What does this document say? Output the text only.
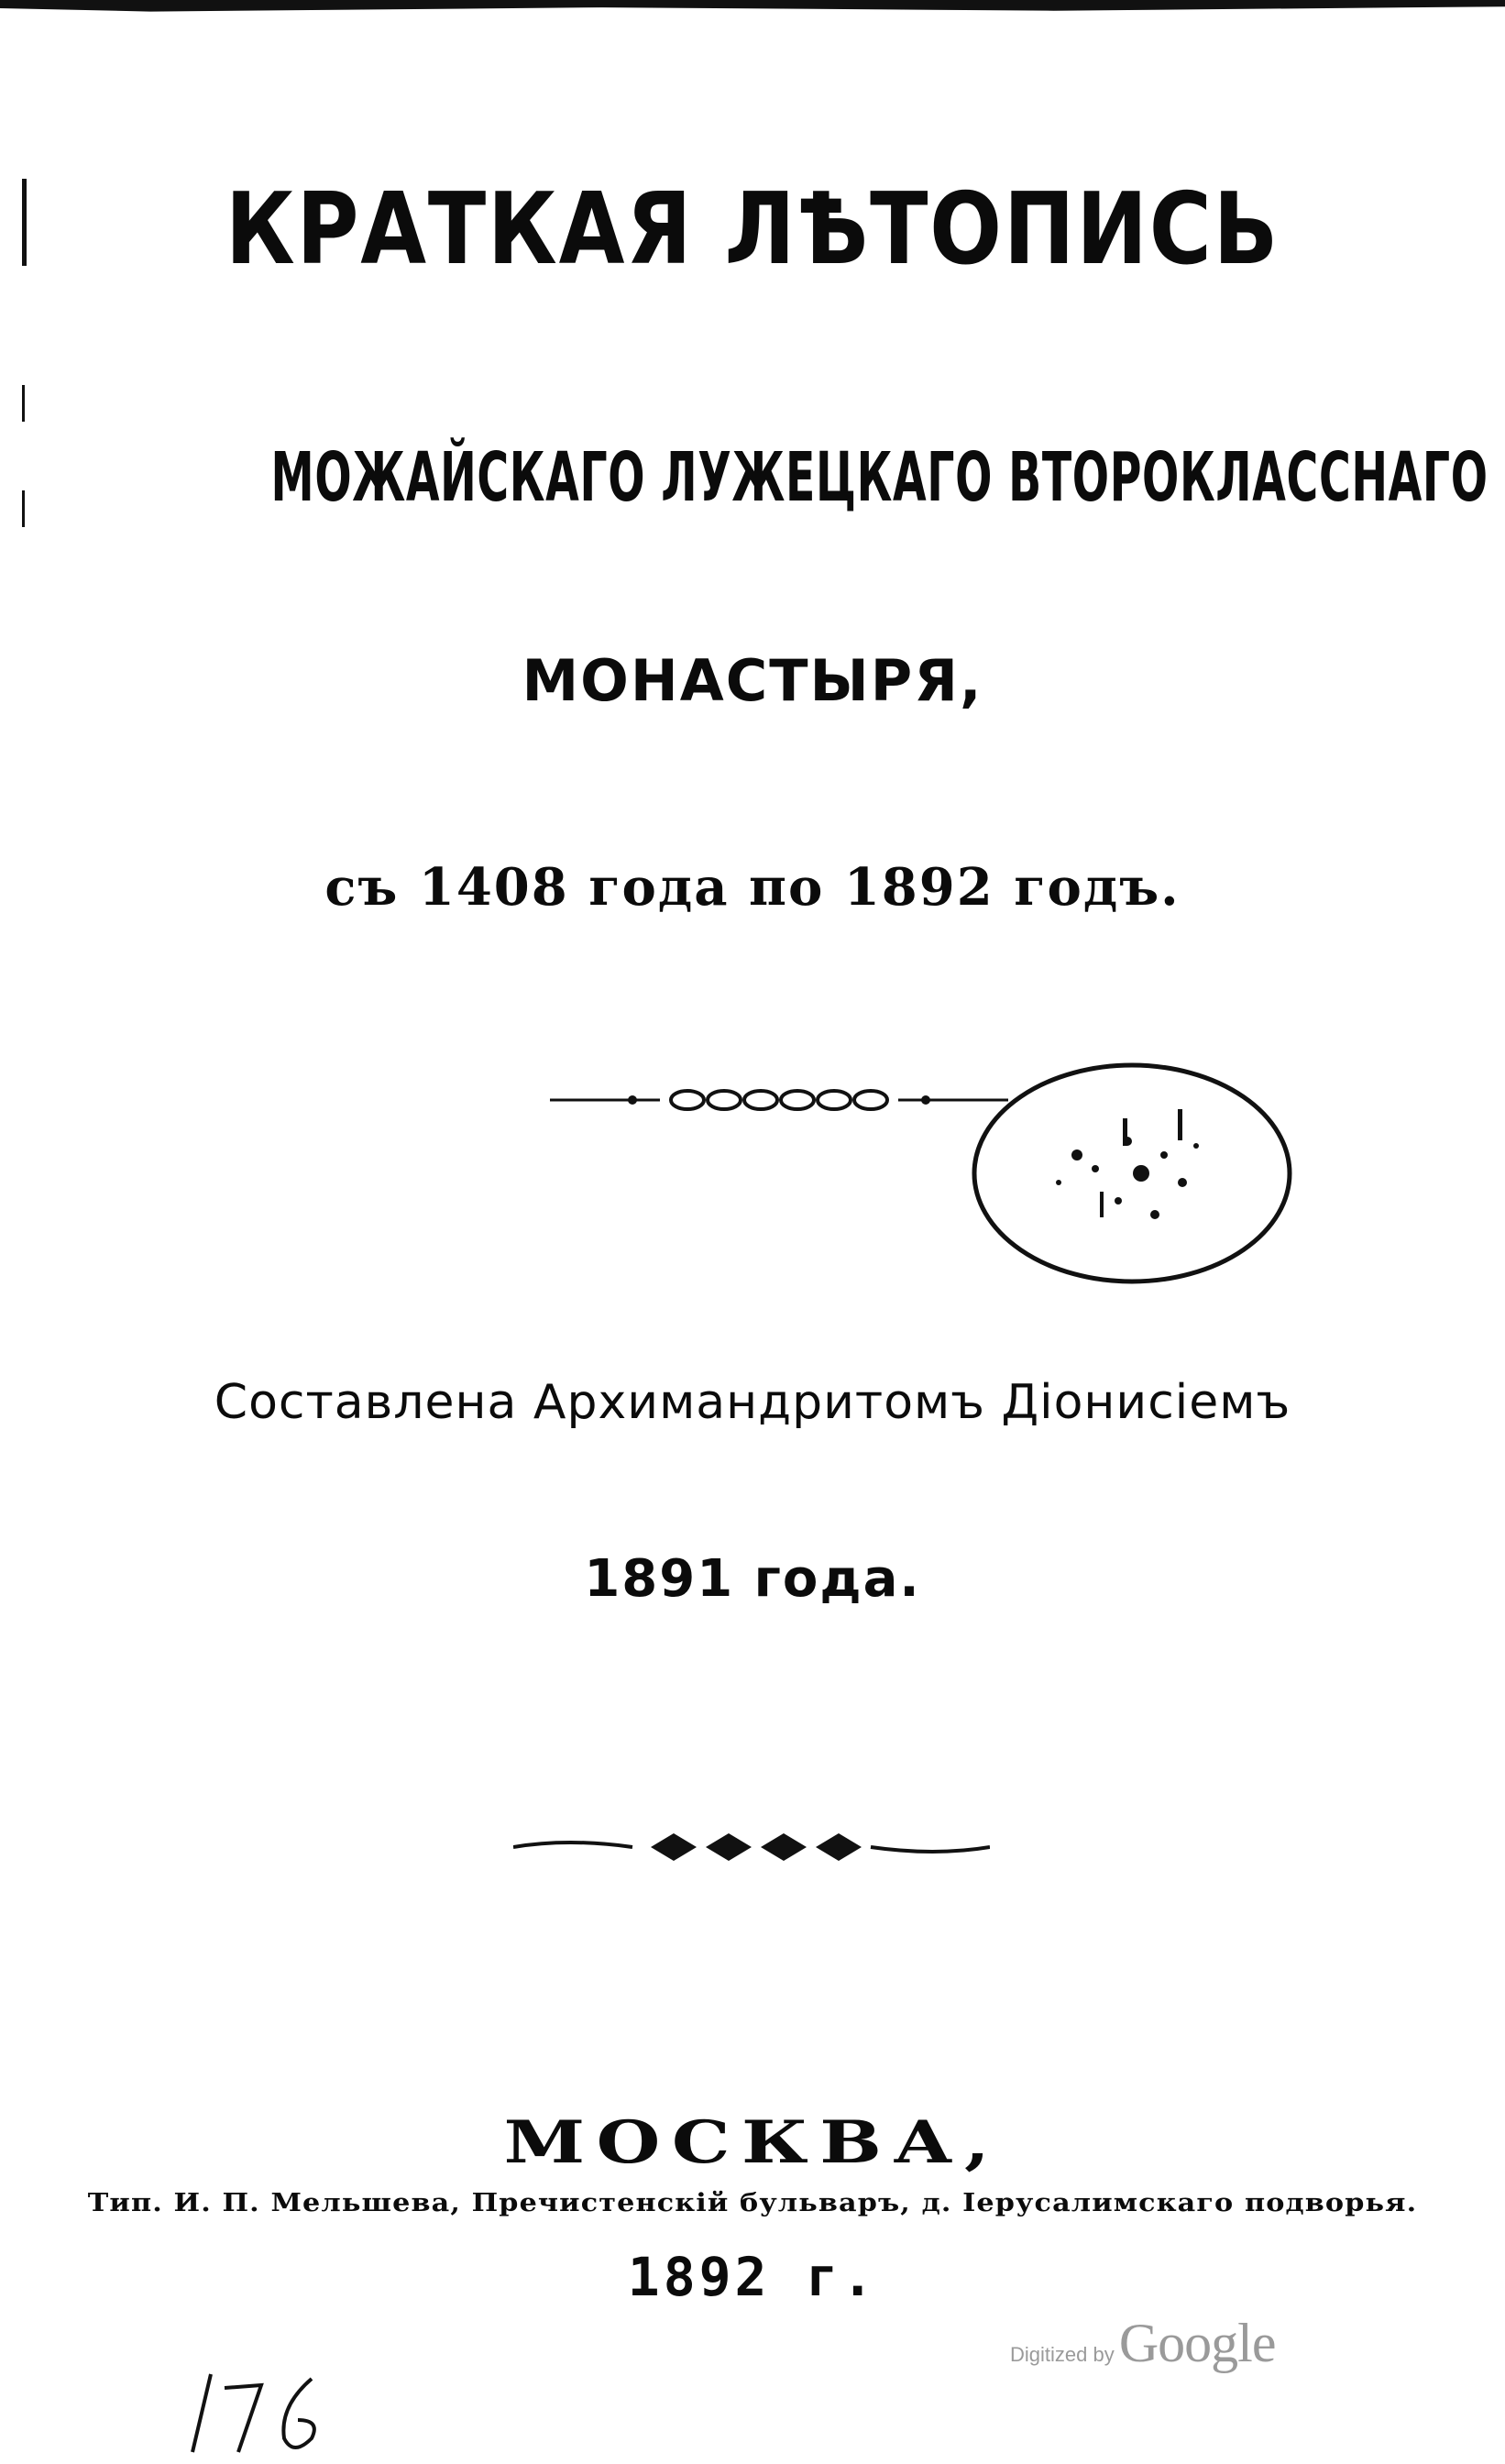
КРАТКАЯ ЛѢТОПИСЬ
МОЖАЙСКАГО ЛУЖЕЦКАГО ВТОРОКЛАССНАГО
МОНАСТЫРЯ,
съ 1408 года по 1892 годъ.
Составлена Архимандритомъ Діонисіемъ
1891 года.
МОСКВА,
Тип. И. П. Мельшева, Пречистенскій бульваръ, д. Іерусалимскаго подворья.
1892 г.
Digitized by Google
